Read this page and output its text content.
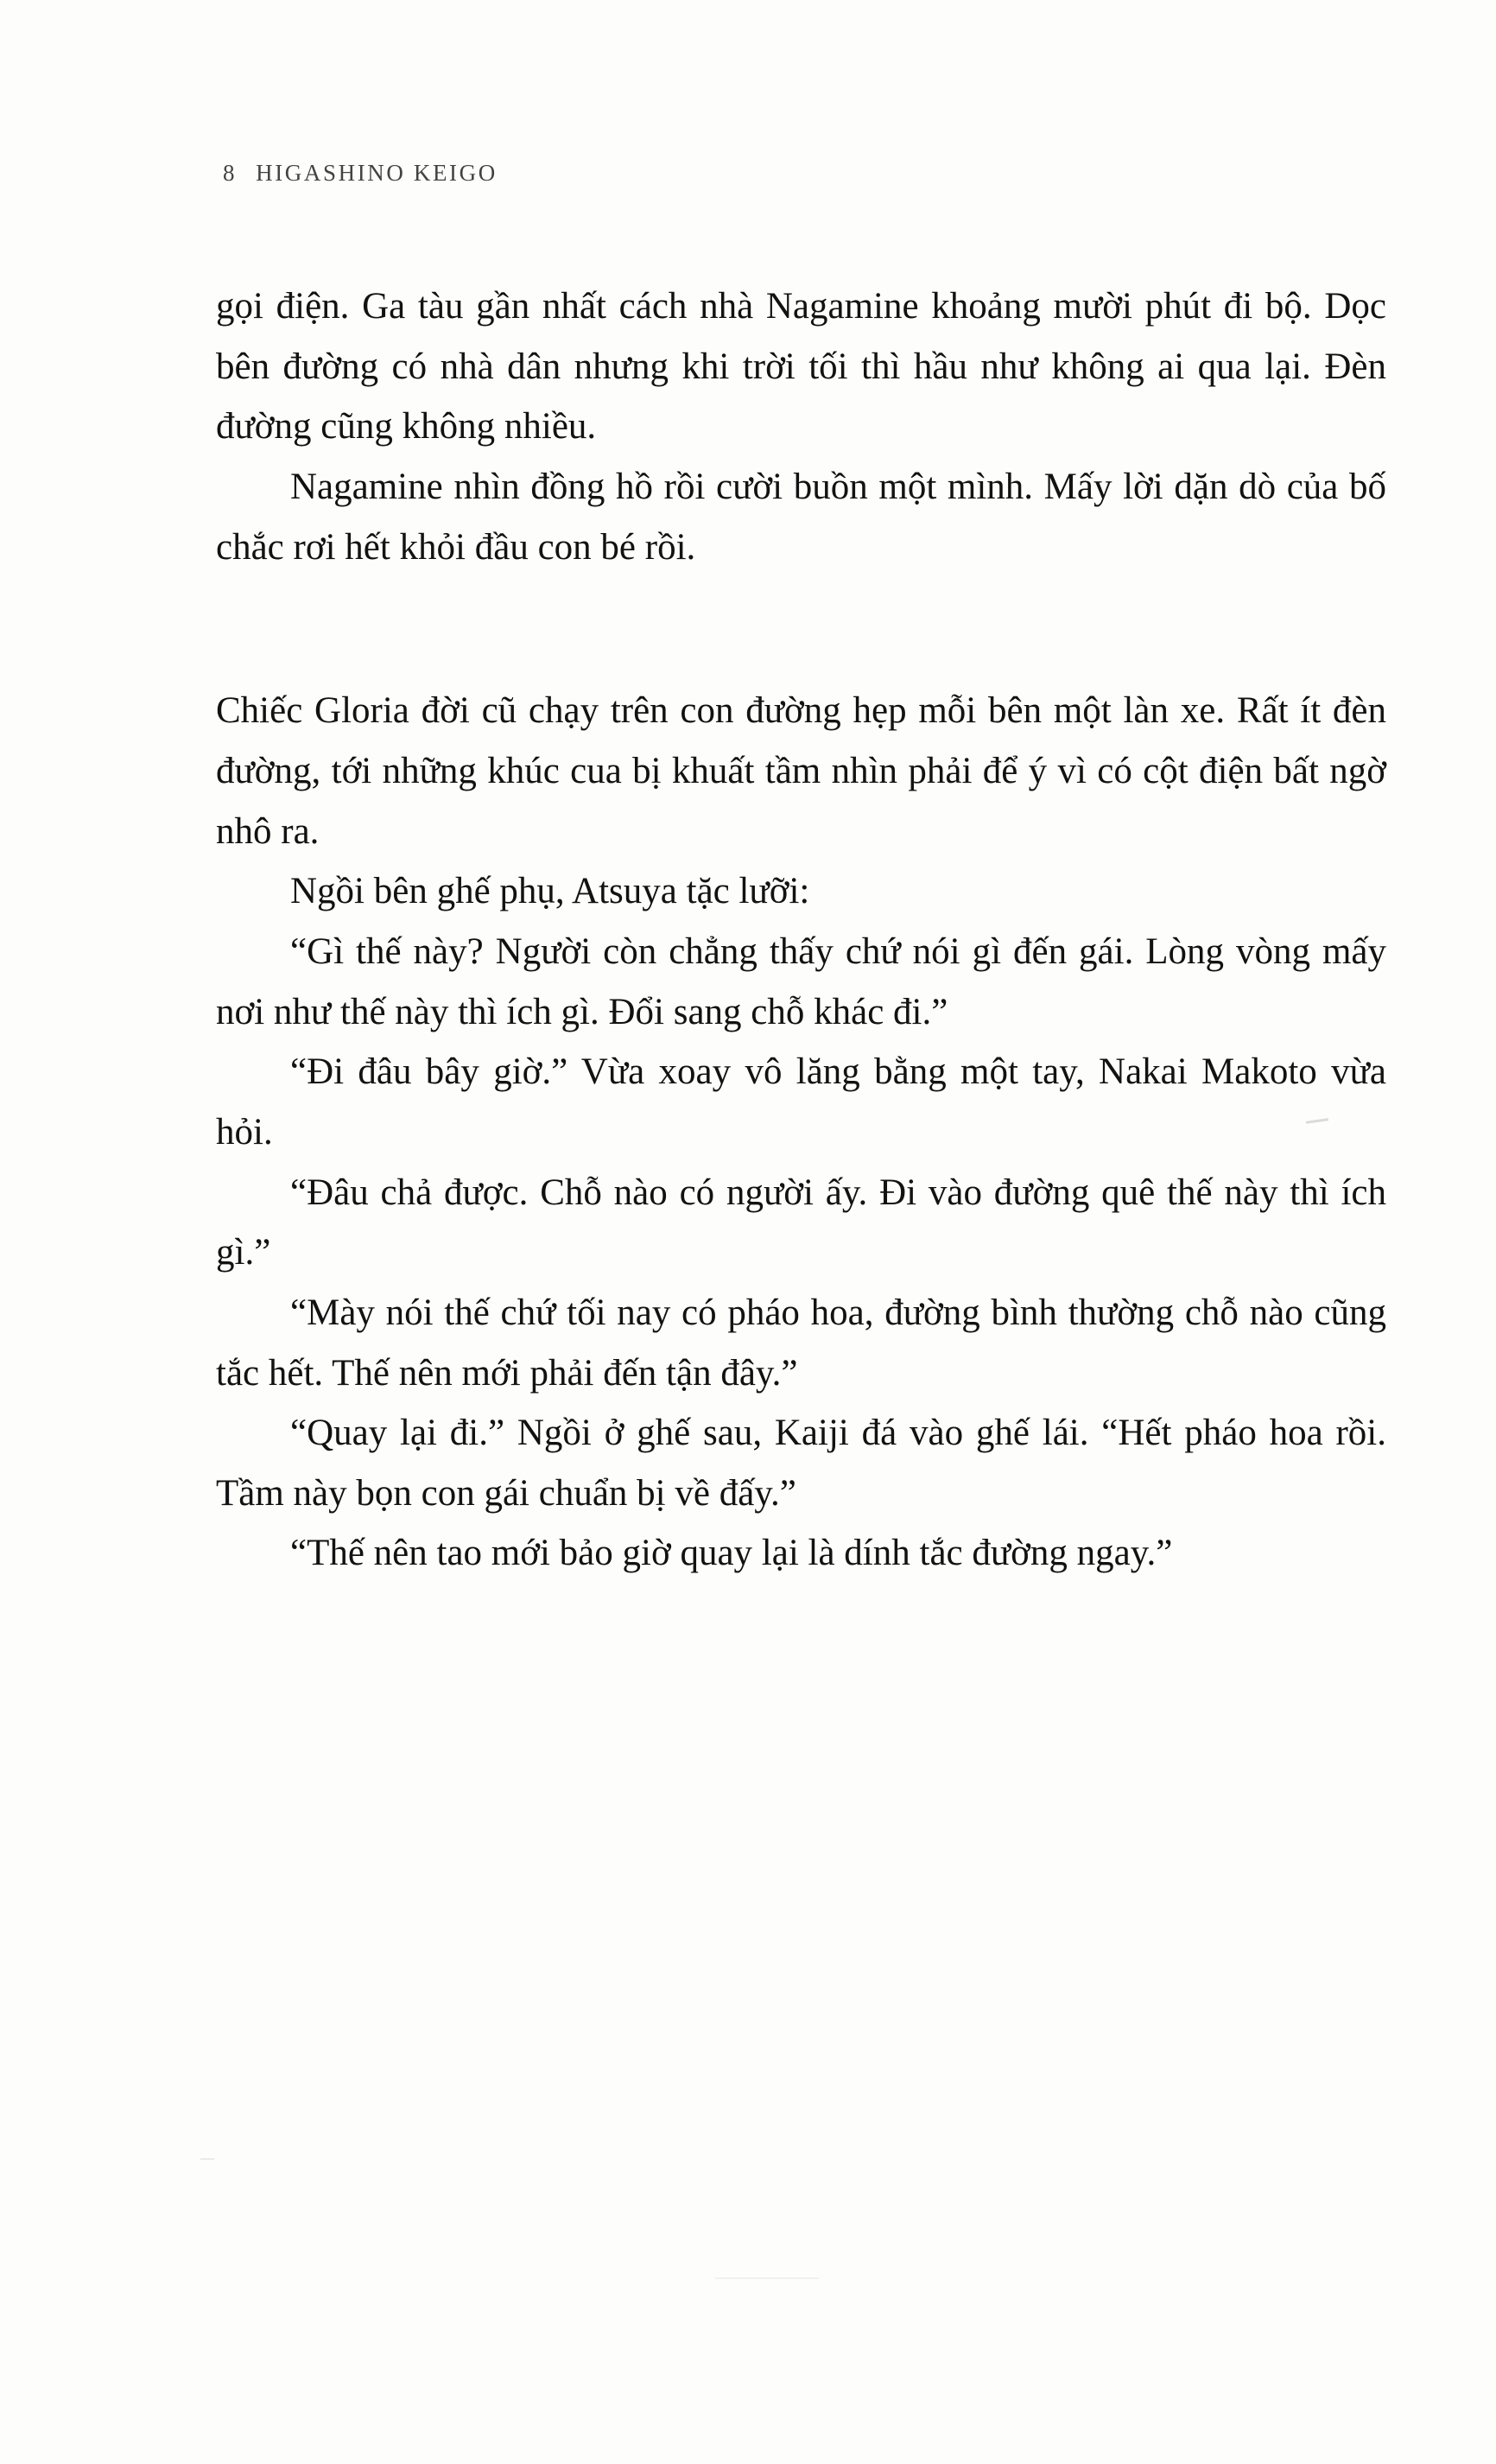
8 HIGASHINO KEIGO

gọi điện. Ga tàu gần nhất cách nhà Nagamine khoảng mười phút đi bộ. Dọc bên đường có nhà dân nhưng khi trời tối thì hầu như không ai qua lại. Đèn đường cũng không nhiều.

Nagamine nhìn đồng hồ rồi cười buồn một mình. Mấy lời dặn dò của bố chắc rơi hết khỏi đầu con bé rồi.

Chiếc Gloria đời cũ chạy trên con đường hẹp mỗi bên một làn xe. Rất ít đèn đường, tới những khúc cua bị khuất tầm nhìn phải để ý vì có cột điện bất ngờ nhô ra.

Ngồi bên ghế phụ, Atsuya tặc lưỡi:

“Gì thế này? Người còn chẳng thấy chứ nói gì đến gái. Lòng vòng mấy nơi như thế này thì ích gì. Đổi sang chỗ khác đi.”

“Đi đâu bây giờ.” Vừa xoay vô lăng bằng một tay, Nakai Makoto vừa hỏi.

“Đâu chả được. Chỗ nào có người ấy. Đi vào đường quê thế này thì ích gì.”

“Mày nói thế chứ tối nay có pháo hoa, đường bình thường chỗ nào cũng tắc hết. Thế nên mới phải đến tận đây.”

“Quay lại đi.” Ngồi ở ghế sau, Kaiji đá vào ghế lái. “Hết pháo hoa rồi. Tầm này bọn con gái chuẩn bị về đấy.”

“Thế nên tao mới bảo giờ quay lại là dính tắc đường ngay.”
